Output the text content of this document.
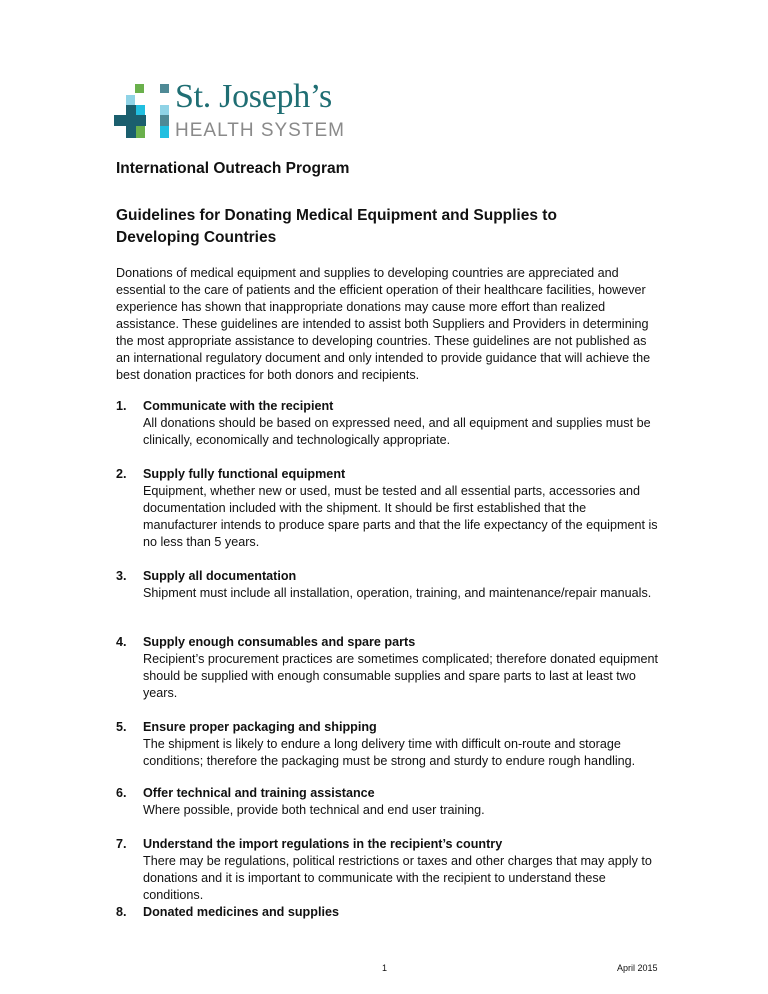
St. Joseph’s
HEALTH SYSTEM
International Outreach Program
Guidelines for Donating Medical Equipment and Supplies to Developing Countries
Donations of medical equipment and supplies to developing countries are appreciated and essential to the care of patients and the efficient operation of their healthcare facilities, however experience has shown that inappropriate donations may cause more effort than realized assistance. These guidelines are intended to assist both Suppliers and Providers in determining the most appropriate assistance to developing countries. These guidelines are not published as an international regulatory document and only intended to provide guidance that will achieve the best donation practices for both donors and recipients.
1. Communicate with the recipient
All donations should be based on expressed need, and all equipment and supplies must be clinically, economically and technologically appropriate.
2. Supply fully functional equipment
Equipment, whether new or used, must be tested and all essential parts, accessories and documentation included with the shipment. It should be first established that the manufacturer intends to produce spare parts and that the life expectancy of the equipment is no less than 5 years.
3. Supply all documentation
Shipment must include all installation, operation, training, and maintenance/repair manuals.
4. Supply enough consumables and spare parts
Recipient’s procurement practices are sometimes complicated; therefore donated equipment should be supplied with enough consumable supplies and spare parts to last at least two years.
5. Ensure proper packaging and shipping
The shipment is likely to endure a long delivery time with difficult on-route and storage conditions; therefore the packaging must be strong and sturdy to endure rough handling.
6. Offer technical and training assistance
Where possible, provide both technical and end user training.
7. Understand the import regulations in the recipient’s country
There may be regulations, political restrictions or taxes and other charges that may apply to donations and it is important to communicate with the recipient to understand these conditions.
8. Donated medicines and supplies
1	April 2015
